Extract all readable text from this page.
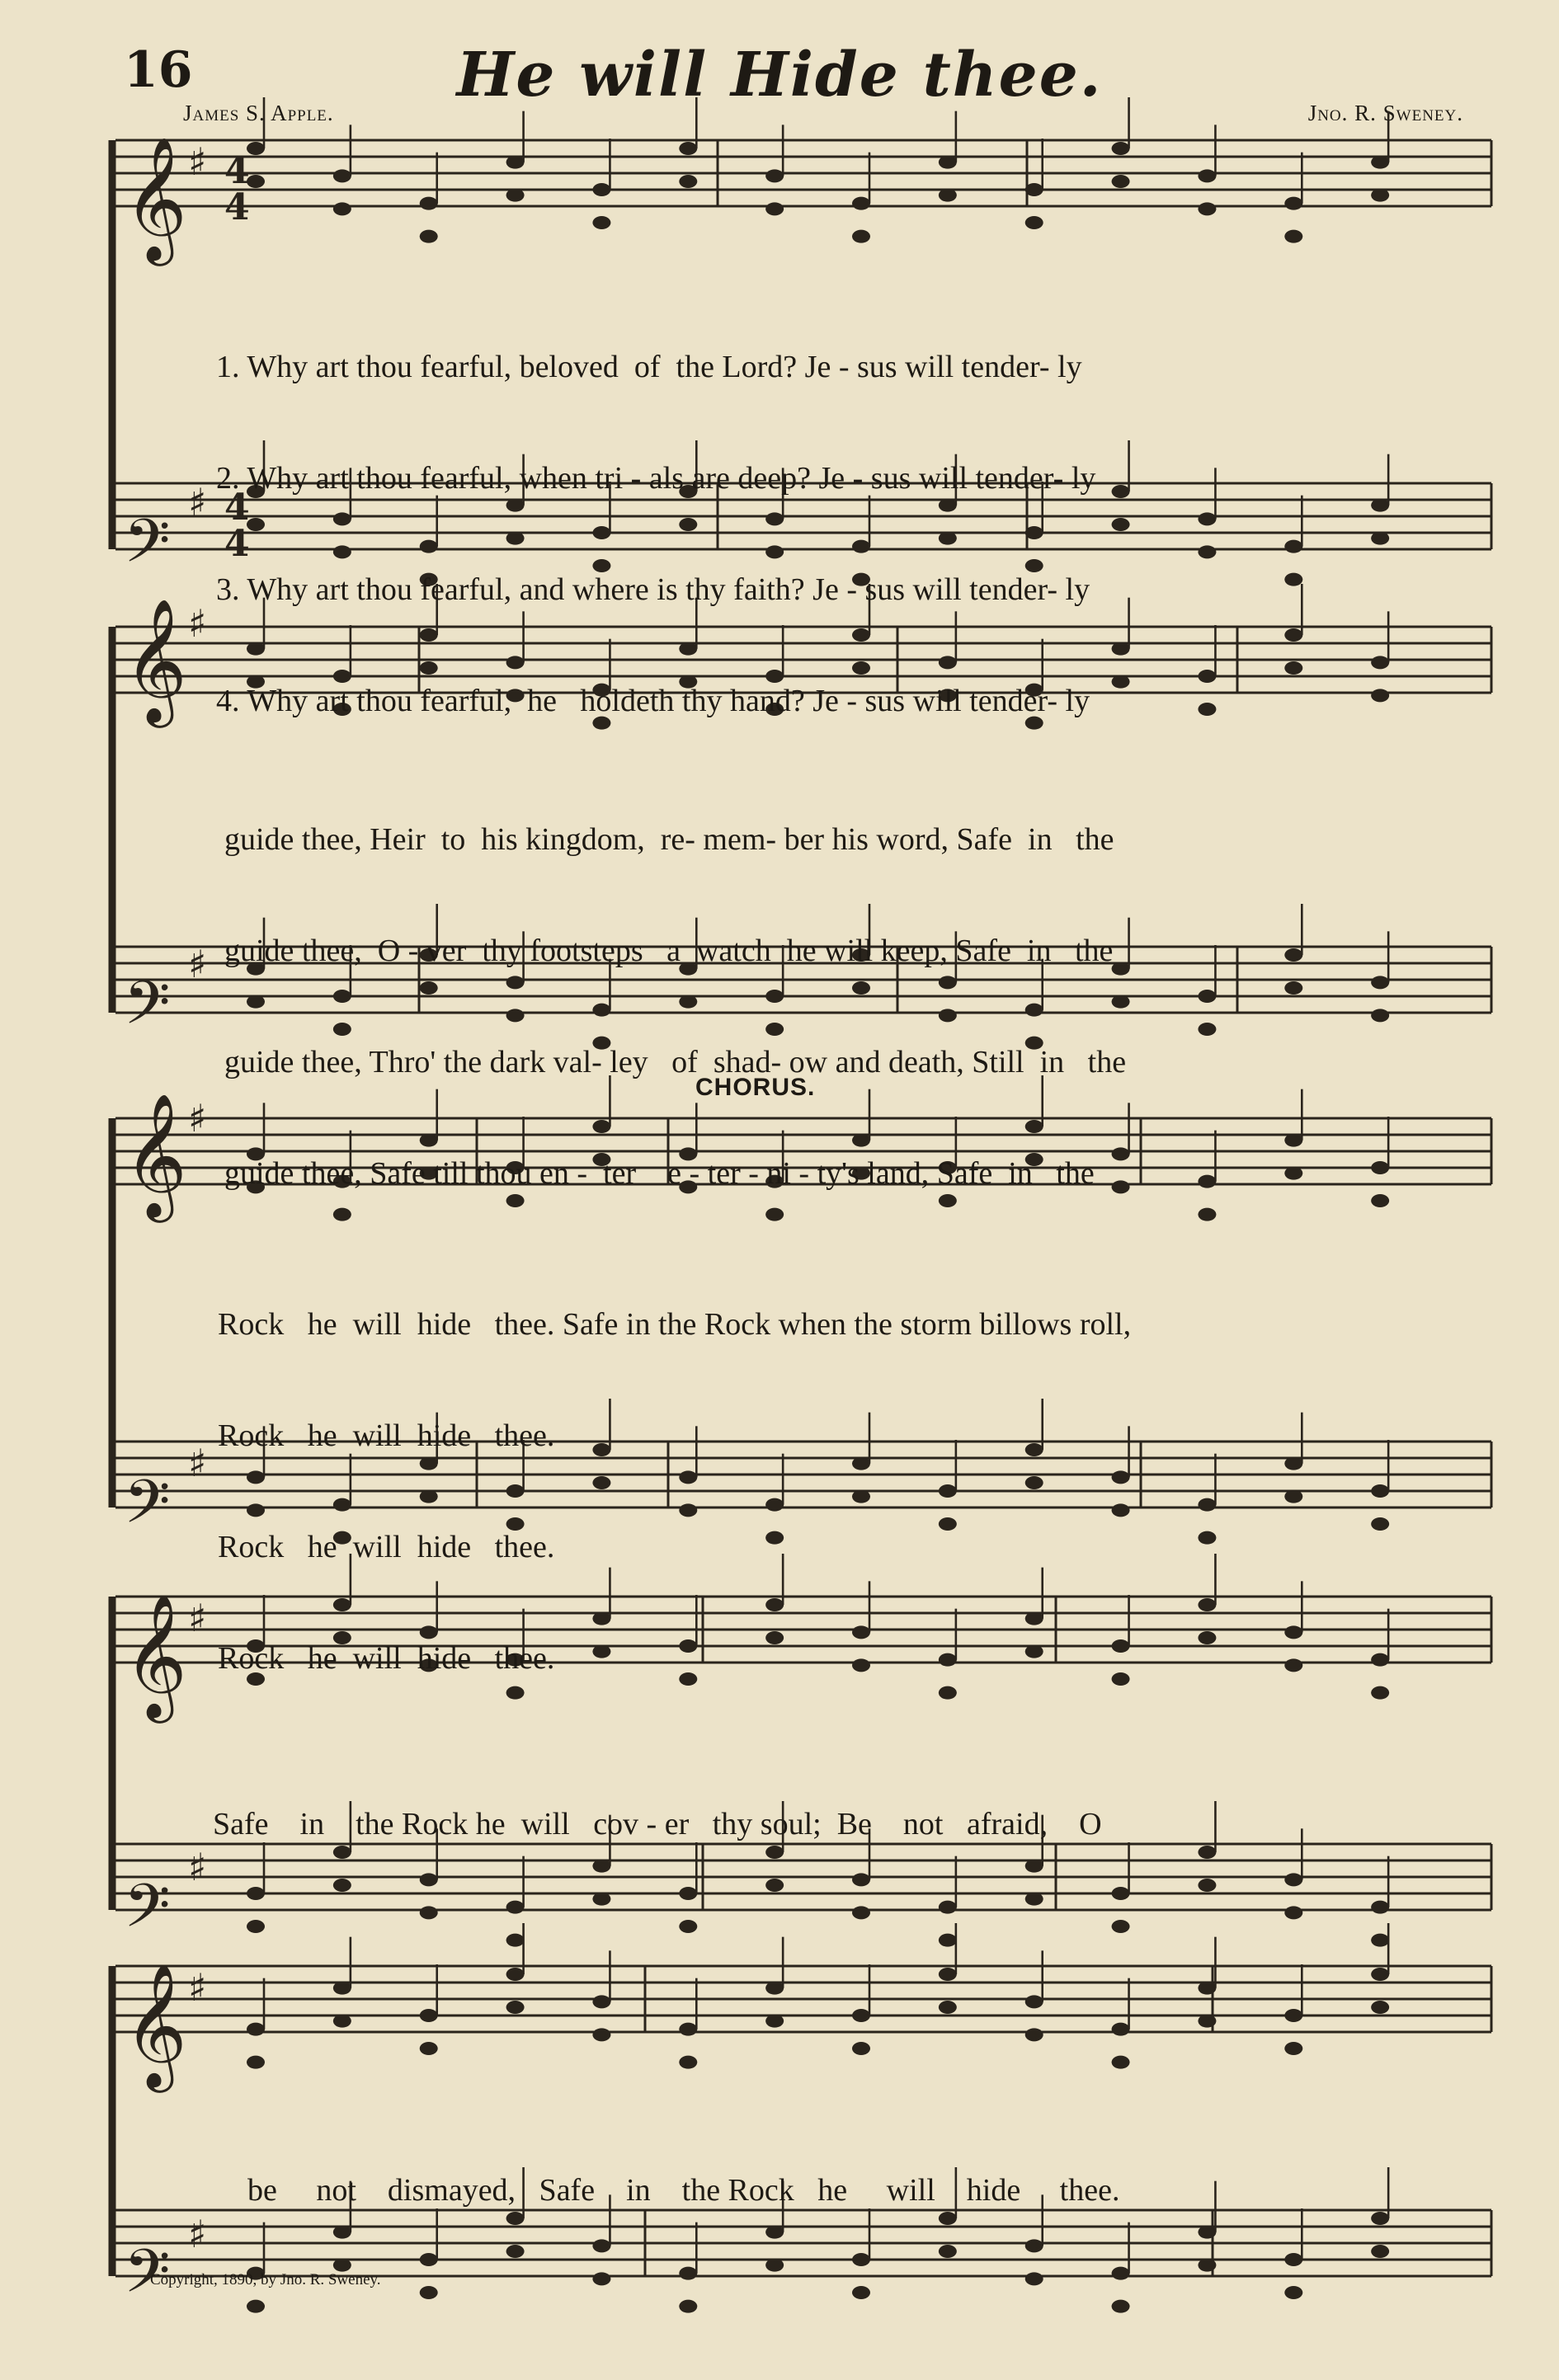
16	He will Hide thee.
James S. Apple.	Jno. R. Sweney.
𝄞
𝄢
𝄞
𝄢
𝄞
𝄢
𝄞
𝄢
𝄞
𝄢
♯
♯
♯
♯
♯
♯
♯
♯
♯
♯
4
4
4
4

1. Why art thou fearful, beloved  of  the Lord? Je - sus will tender- ly

2. Why art thou fearful, when tri - als are deep? Je - sus will tender- ly

3. Why art thou fearful, and where is thy faith? Je - sus will tender- ly

4. Why art thou fearful,  he   holdeth thy hand? Je - sus will tender- ly

guide thee, Heir  to  his kingdom,  re- mem- ber his word, Safe  in   the

guide thee,  O - ver  thy footsteps   a  watch  he will keep, Safe  in   the

guide thee, Thro' the dark val- ley   of  shad- ow and death, Still  in   the

guide thee, Safe till thou en -  ter    e - ter - ni - ty's land, Safe  in   the

CHORUS.

Rock   he  will  hide   thee. Safe in the Rock when the storm billows roll,

Rock   he  will  hide   thee.

Rock   he  will  hide   thee.

Rock   he  will  hide   thee.

Safe    in    the Rock he  will   cov - er   thy soul;  Be    not   afraid,    O

be     not    dismayed,   Safe    in    the Rock   he     will    hide     thee.

Copyright, 1890, by Jno. R. Sweney.
